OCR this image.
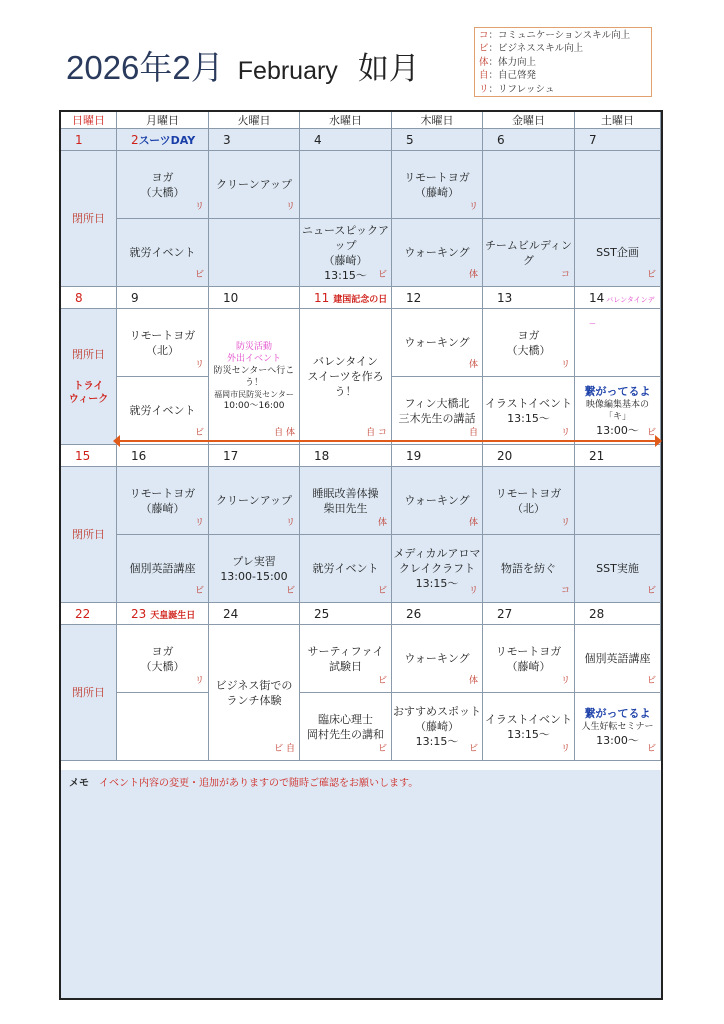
2026年2月 February 如月
コ：コミュニケーションスキル向上
ビ：ビジネススキル向上
体：体力向上
自：自己啓発
リ：リフレッシュ
ビジネス街での
ランチ体験
ビ 自
繋がってるよ
人生好転セミナー
13:00～
ビ
個別英語講座
ビ
イラストイベント
13:15～
リ
リモートヨガ
（藤崎）
リ
おすすめスポット
（藤崎）
13:15～
ビ
ウォーキング
体
臨床心理士
岡村先生の講和
ビ
サーティファイ
試験日
ビ
ヨガ
（大橋）
リ
閉所日
28
27
26
25
24
23 天皇誕生日
22
SST実施
ビ
物語を紡ぐ
コ
リモートヨガ
（北）
リ
メディカルアロマ
クレイクラフト
13:15～
リ
ウォーキング
体
就労イベント
ビ
睡眠改善体操
柴田先生
体
プレ実習
13:00-15:00
ビ
クリーンアップ
リ
個別英語講座
ビ
リモートヨガ
（藤崎）
リ
閉所日
21
20
19
18
17
16
15
バレンタイン
スイーツを作ろう！
自 コ
防災活動
外出イベント
防災センターへ行こう！
福岡市民防災センター
10:00～16:00
自 体
繋がってるよ
映像編集基本の「キ」
13:00～ ビ
イラストイベント
13:15～
リ
ヨガ
（大橋）
リ
フィン大橋北
三木先生の講話
自
ウォーキング
体
就労イベント
ビ
リモートヨガ
（北）
リ
閉所日
トライ
ウィーク
14 バレンタインデー
13
12
11 建国記念の日
10
9
8
SST企画
ビ
チームビルディング
コ
ウォーキング
体
リモートヨガ
（藤崎）
リ
ニュースピックアップ
（藤崎）
13:15～ ビ
クリーンアップ
リ
就労イベント
ビ
ヨガ
（大橋）
リ
閉所日
7
6
5
4
3
2スーツDAY
1
土曜日
金曜日
木曜日
水曜日
火曜日
月曜日
日曜日
メモ イベント内容の変更・追加がありますので随時ご確認をお願いします。
